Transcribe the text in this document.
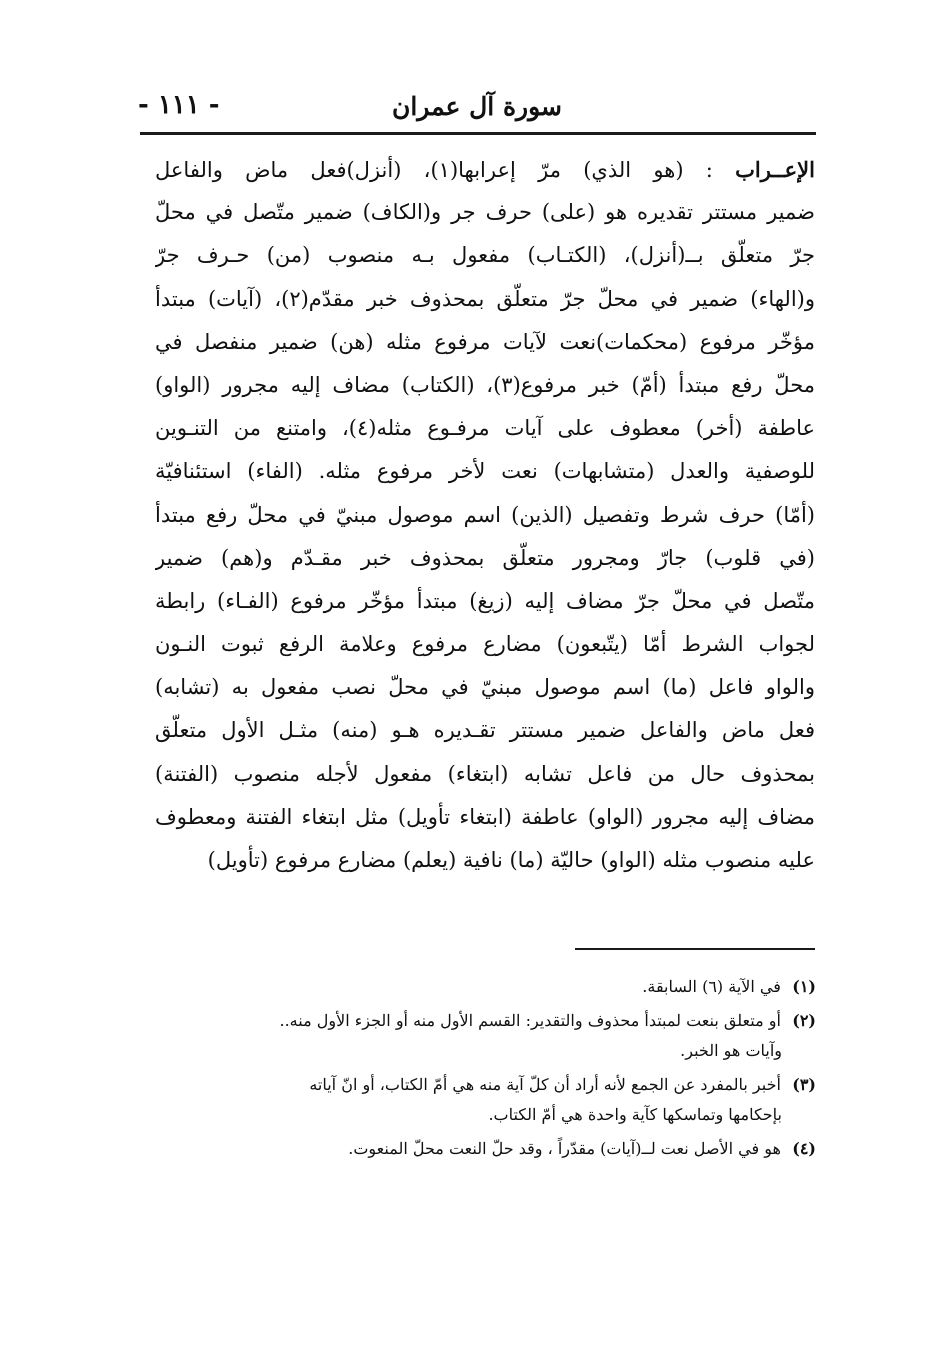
سورة آل عمران
- ١١١ -
الإعــراب : (هو الذي) مرّ إعرابها(١)، (أنزل)فعل ماض والفاعل
ضمير مستتر تقديره هو (على) حرف جر و(الكاف) ضمير متّصل في محلّ
جرّ متعلّق بــ(أنزل)، (الكتـاب) مفعول بـه منصوب (من) حـرف جرّ
و(الهاء) ضمير في محلّ جرّ متعلّق بمحذوف خبر مقدّم(٢)، (آيات) مبتدأ
مؤخّر مرفوع (محكمات)نعت لآيات مرفوع مثله (هن) ضمير منفصل في
محلّ رفع مبتدأ (أمّ) خبر مرفوع(٣)، (الكتاب) مضاف إليه مجرور (الواو)
عاطفة (أخر) معطوف على آيات مرفـوع مثله(٤)، وامتنع من التنـوين
للوصفية والعدل (متشابهات) نعت لأخر مرفوع مثله. (الفاء) استئنافيّة
(أمّا) حرف شرط وتفصيل (الذين) اسم موصول مبنيّ في محلّ رفع مبتدأ
(في قلوب) جارّ ومجرور متعلّق بمحذوف خبر مقـدّم و(هم) ضمير
متّصل في محلّ جرّ مضاف إليه (زيغ) مبتدأ مؤخّر مرفوع (الفـاء) رابطة
لجواب الشرط أمّا (يتّبعون) مضارع مرفوع وعلامة الرفع ثبوت النـون
والواو فاعل (ما) اسم موصول مبنيّ في محلّ نصب مفعول به (تشابه)
فعل ماض والفاعل ضمير مستتر تقـديره هـو (منه) مثـل الأول متعلّق
بمحذوف حال من فاعل تشابه (ابتغاء) مفعول لأجله منصوب (الفتنة)
مضاف إليه مجرور (الواو) عاطفة (ابتغاء تأويل) مثل ابتغاء الفتنة ومعطوف
عليه منصوب مثله (الواو) حاليّة (ما) نافية (يعلم) مضارع مرفوع (تأويل)
(١) في الآية (٦) السابقة.
(٢) أو متعلق بنعت لمبتدأ محذوف والتقدير: القسم الأول منه أو الجزء الأول منه..
وآيات هو الخبر.
(٣) أخبر بالمفرد عن الجمع لأنه أراد أن كلّ آية منه هي أمّ الكتاب، أو انّ آياته
بإحكامها وتماسكها كآية واحدة هي أمّ الكتاب.
(٤) هو في الأصل نعت لــ(آيات) مقدّراً ، وقد حلّ النعت محلّ المنعوت.
